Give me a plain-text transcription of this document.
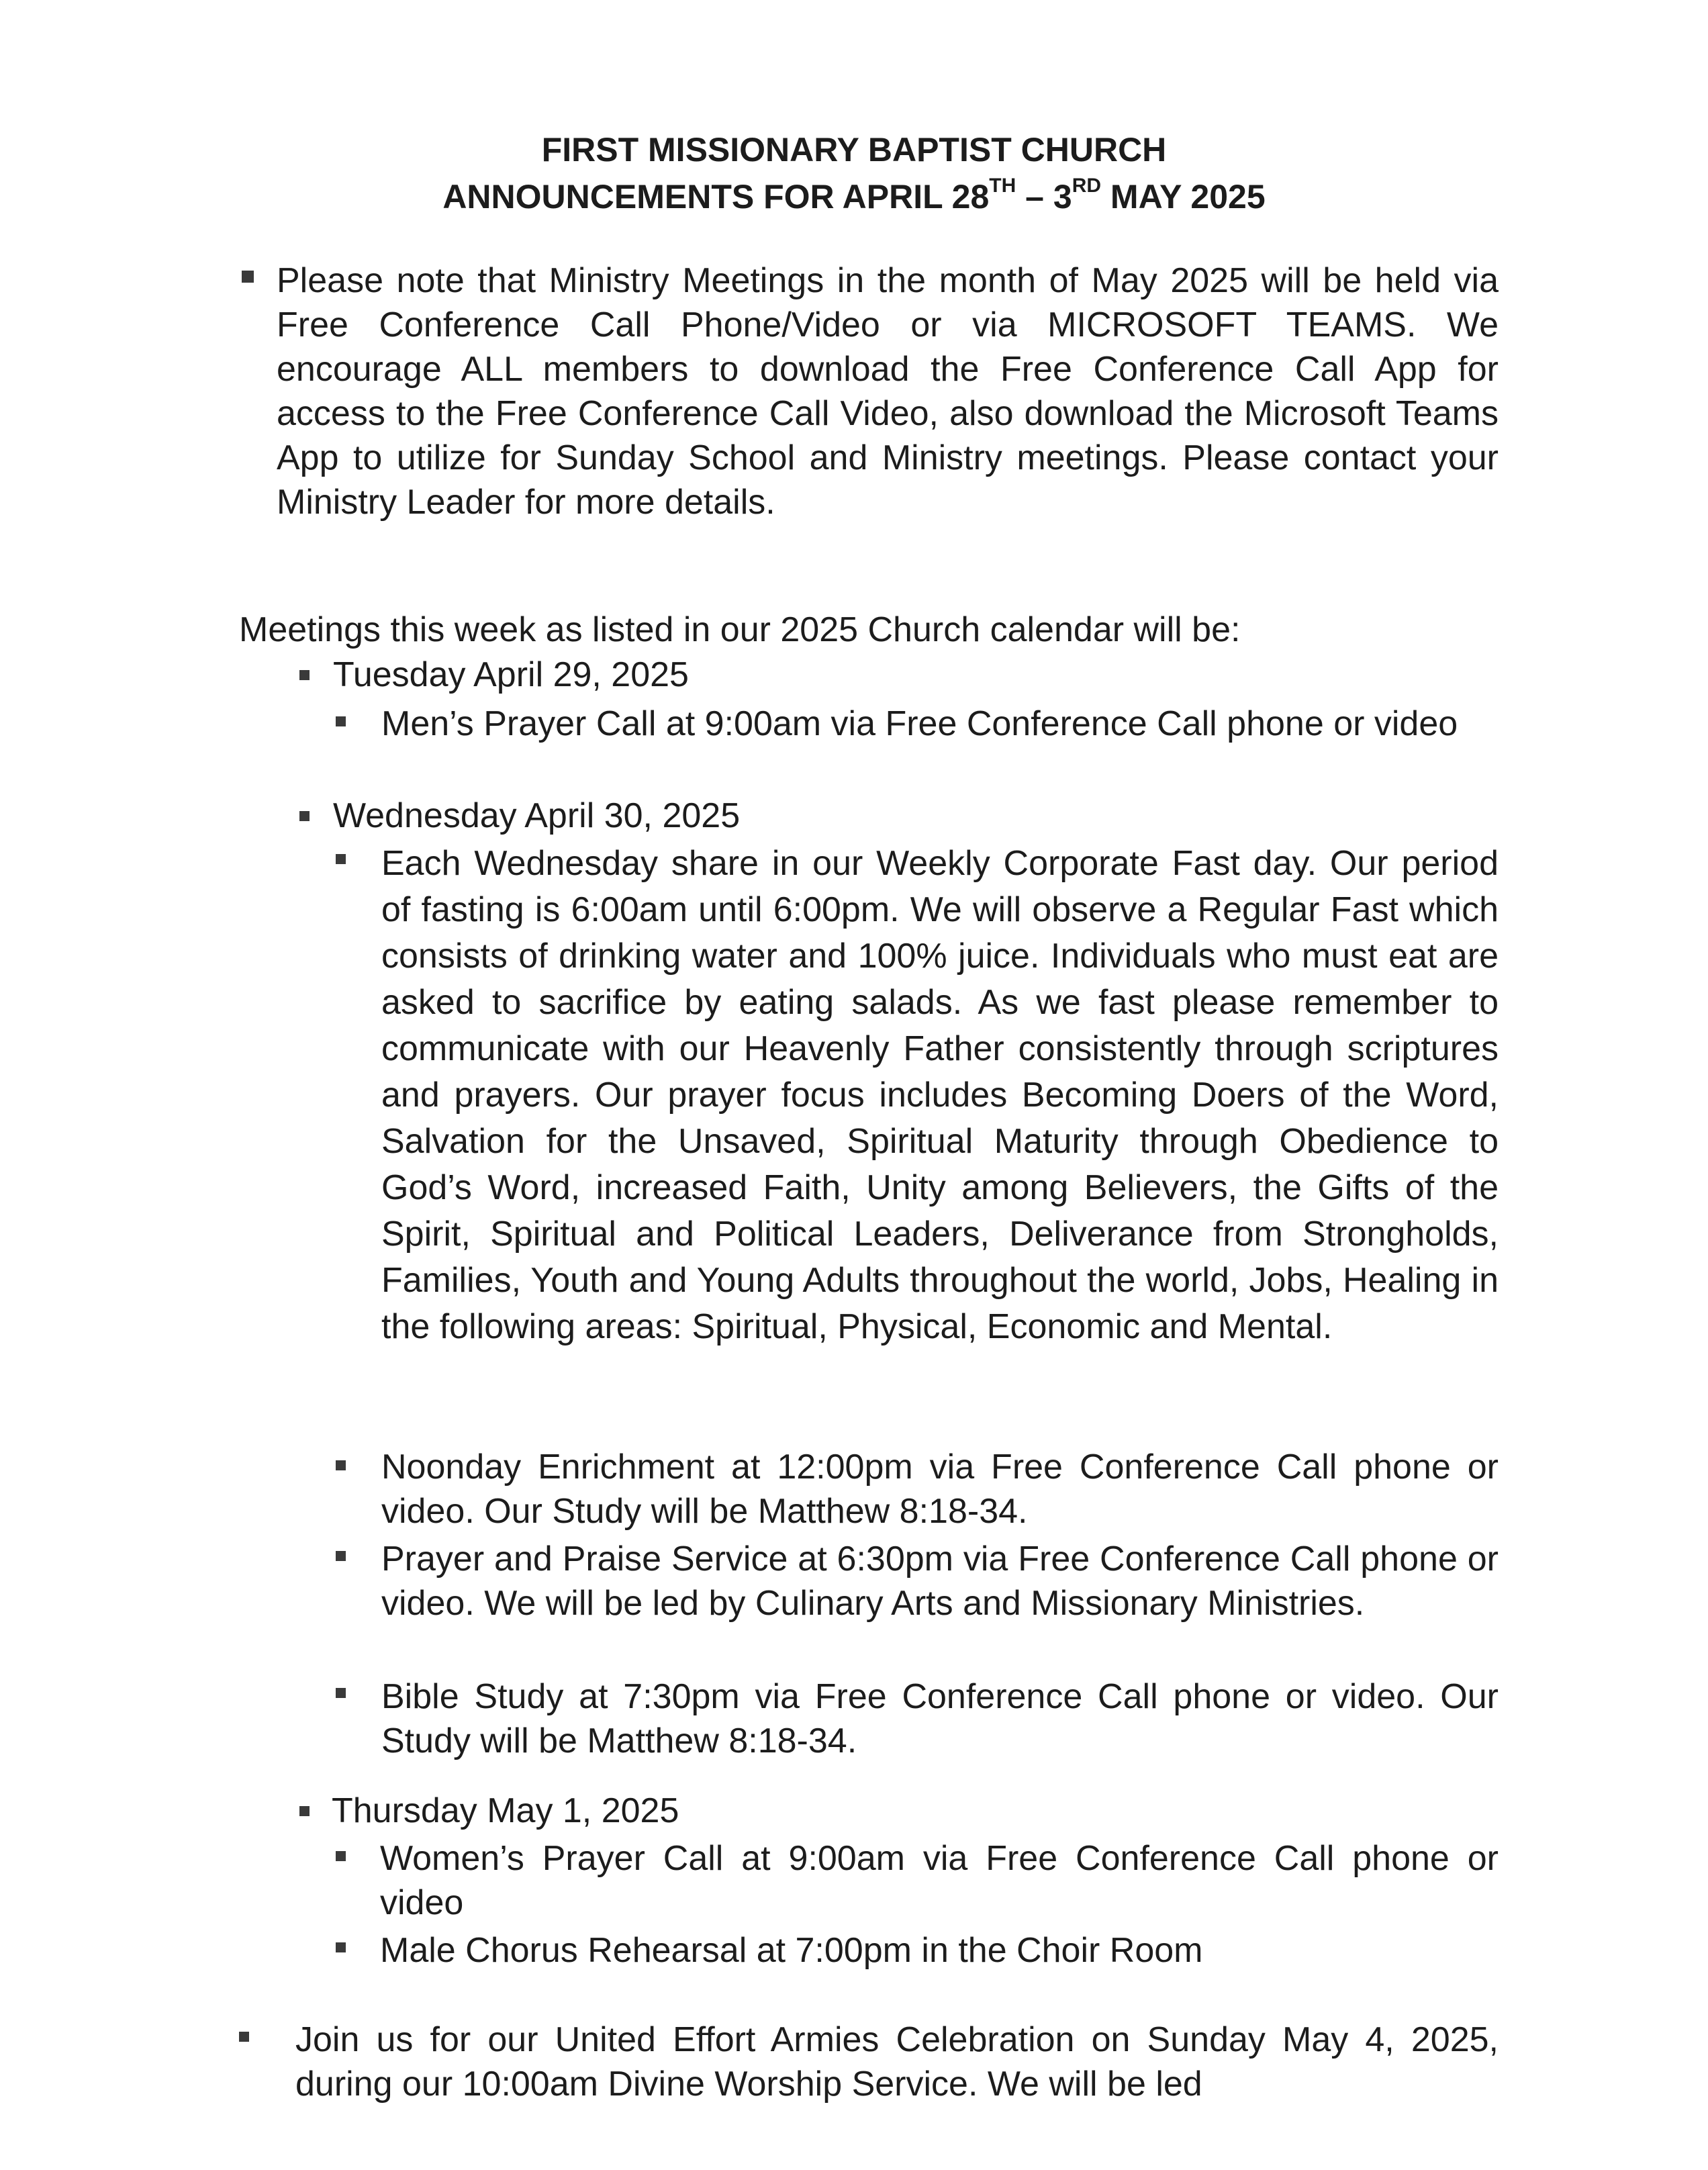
FIRST MISSIONARY BAPTIST CHURCH
ANNOUNCEMENTS FOR APRIL 28TH – 3RD MAY 2025
Please note that Ministry Meetings in the month of May 2025 will be held via Free Conference Call Phone/Video or via MICROSOFT TEAMS. We encourage ALL members to download the Free Conference Call App for access to the Free Conference Call Video, also download the Microsoft Teams App to utilize for Sunday School and Ministry meetings. Please contact your Ministry Leader for more details.
Meetings this week as listed in our 2025 Church calendar will be:
Tuesday April 29, 2025
Men’s Prayer Call at 9:00am via Free Conference Call phone or video
Wednesday April 30, 2025
Each Wednesday share in our Weekly Corporate Fast day. Our period of fasting is 6:00am until 6:00pm. We will observe a Regular Fast which consists of drinking water and 100% juice. Individuals who must eat are asked to sacrifice by eating salads. As we fast please remember to communicate with our Heavenly Father consistently through scriptures and prayers. Our prayer focus includes Becoming Doers of the Word, Salvation for the Unsaved, Spiritual Maturity through Obedience to God’s Word, increased Faith, Unity among Believers, the Gifts of the Spirit, Spiritual and Political Leaders, Deliverance from Strongholds, Families, Youth and Young Adults throughout the world, Jobs, Healing in the following areas: Spiritual, Physical, Economic and Mental.
Noonday Enrichment at 12:00pm via Free Conference Call phone or video. Our Study will be Matthew 8:18-34.
Prayer and Praise Service at 6:30pm via Free Conference Call phone or video. We will be led by Culinary Arts and Missionary Ministries.
Bible Study at 7:30pm via Free Conference Call phone or video. Our Study will be Matthew 8:18-34.
Thursday May 1, 2025
Women’s Prayer Call at 9:00am via Free Conference Call phone or video
Male Chorus Rehearsal at 7:00pm in the Choir Room
Join us for our United Effort Armies Celebration on Sunday May 4, 2025, during our 10:00am Divine Worship Service. We will be led
